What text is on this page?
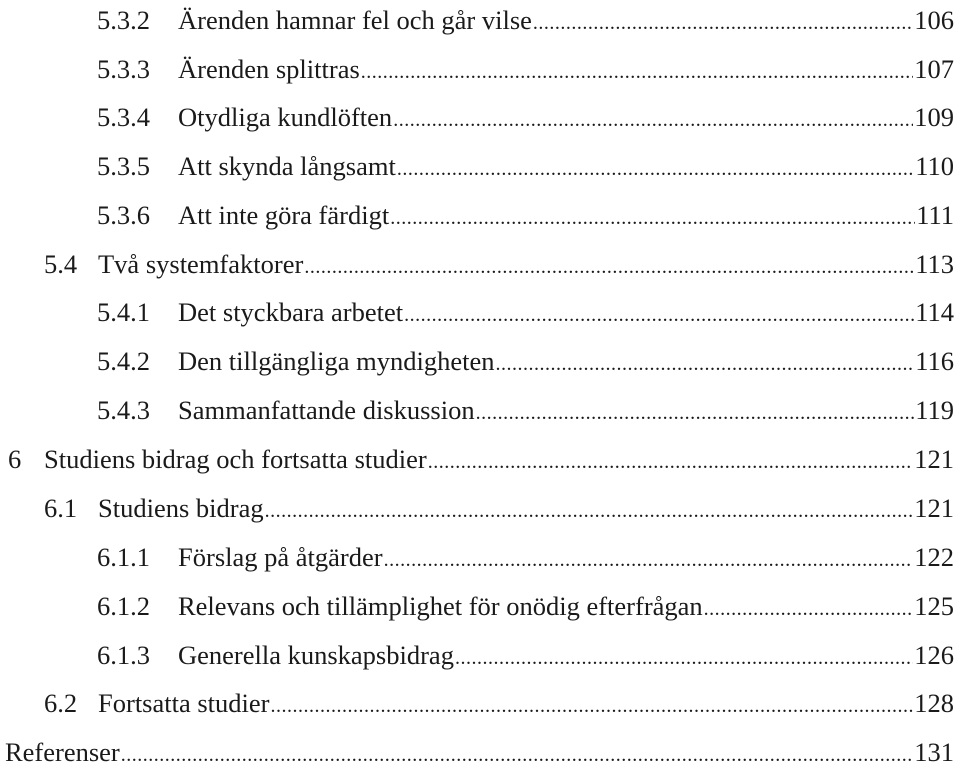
5.3.2	Ärenden hamnar fel och går vilse .....	106
5.3.3	Ärenden splittras .....	107
5.3.4	Otydliga kundlöften .....	109
5.3.5	Att skynda långsamt .....	110
5.3.6	Att inte göra färdigt .....	111
5.4 Två systemfaktorer .....	113
5.4.1	Det styckbara arbetet .....	114
5.4.2	Den tillgängliga myndigheten .....	116
5.4.3	Sammanfattande diskussion .....	119
6 Studiens bidrag och fortsatta studier .....	121
6.1 Studiens bidrag .....	121
6.1.1	Förslag på åtgärder .....	122
6.1.2	Relevans och tillämplighet för onödig efterfrågan .....	125
6.1.3	Generella kunskapsbidrag .....	126
6.2 Fortsatta studier .....	128
Referenser .....	131
